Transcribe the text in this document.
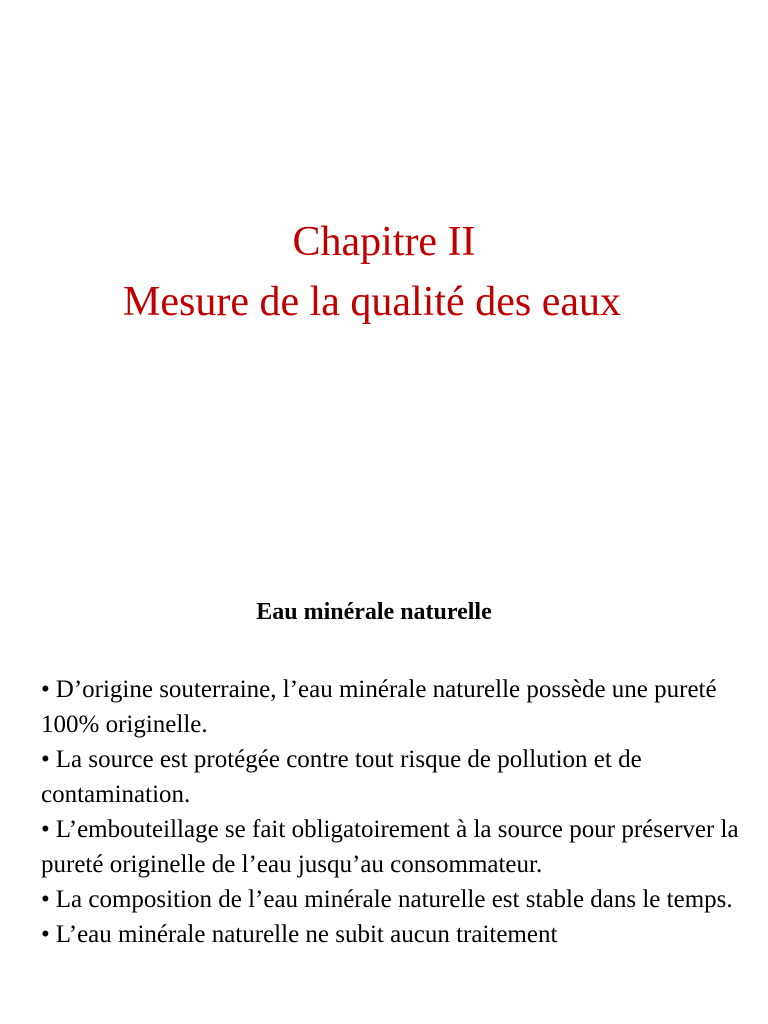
Chapitre II
Mesure de la qualité des eaux
Eau minérale naturelle
• D’origine souterraine, l’eau minérale naturelle possède une pureté 100% originelle.
• La source est protégée contre tout risque de pollution et de contamination.
• L’embouteillage se fait obligatoirement à la source pour préserver la pureté originelle de l’eau jusqu’au consommateur.
• La composition de l’eau minérale naturelle est stable dans le temps.
• L’eau minérale naturelle ne subit aucun traitement
